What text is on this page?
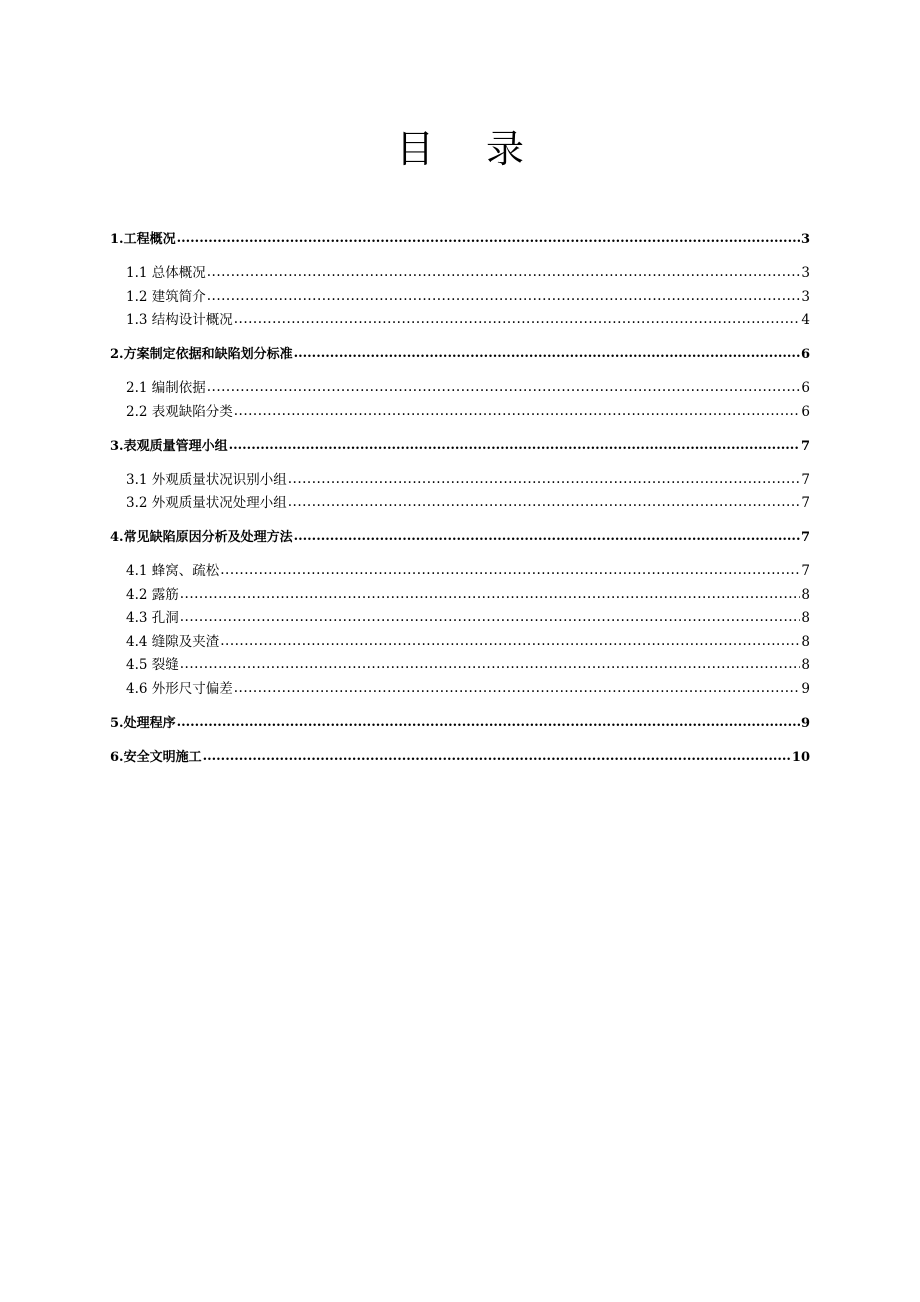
目录
1.工程概况 .....	3
1.1 总体概况 .....	3
1.2 建筑简介 .....	3
1.3 结构设计概况 .....	4
2.方案制定依据和缺陷划分标准 .....	6
2.1 编制依据 .....	6
2.2 表观缺陷分类 .....	6
3.表观质量管理小组 .....	7
3.1 外观质量状况识别小组 .....	7
3.2 外观质量状况处理小组 .....	7
4.常见缺陷原因分析及处理方法 .....	7
4.1 蜂窝、疏松 .....	7
4.2 露筋 .....	8
4.3 孔洞 .....	8
4.4 缝隙及夹渣 .....	8
4.5 裂缝 .....	8
4.6 外形尺寸偏差 .....	9
5.处理程序 .....	9
6.安全文明施工 .....	10
